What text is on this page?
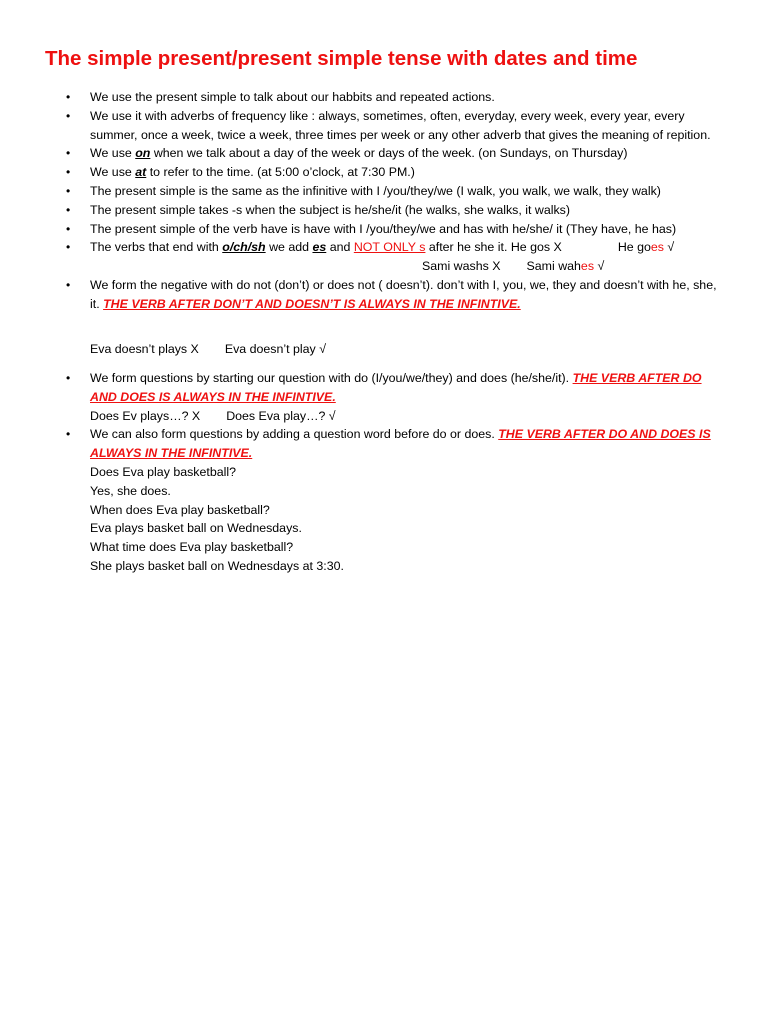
The simple present/present simple tense with dates and time
• We use the present simple to talk about our habbits and repeated actions.
• We use it with adverbs of frequency like : always, sometimes, often, everyday, every week, every year, every summer, once a week, twice a week, three times per week or any other adverb that gives the meaning of repition.
• We use on when we talk about a day of the week or days of the week. (on Sundays, on Thursday)
• We use at to refer to the time. (at 5:00 o’clock, at 7:30 PM.)
• The present simple is the same as the infinitive with I /you/they/we (I walk, you walk, we walk, they walk)
• The present simple takes -s when the subject is he/she/it (he walks, she walks, it walks)
• The present simple of the verb have is have with I /you/they/we and has with he/she/ it (They have, he has)
• The verbs that end with o/ch/sh we add es and NOT ONLY s after he she it. He gos X	He goes √
Sami washs X Sami wahes √
• We form the negative with do not (don’t) or does not ( doesn’t). don’t with I, you, we, they and doesn’t with he, she, it. THE VERB AFTER DON’T AND DOESN’T IS ALWAYS IN THE INFINTIVE.
Eva doesn’t plays X Eva doesn’t play √
• We form questions by starting our question with do (I/you/we/they) and does (he/she/it). THE VERB AFTER DO AND DOES IS ALWAYS IN THE INFINTIVE.
Does Ev plays…? X Does Eva play…? √
• We can also form questions by adding a question word before do or does. THE VERB AFTER DO AND DOES IS ALWAYS IN THE INFINTIVE.
Does Eva play basketball?
Yes, she does.
When does Eva play basketball?
Eva plays basket ball on Wednesdays.
What time does Eva play basketball?
She plays basket ball on Wednesdays at 3:30.
